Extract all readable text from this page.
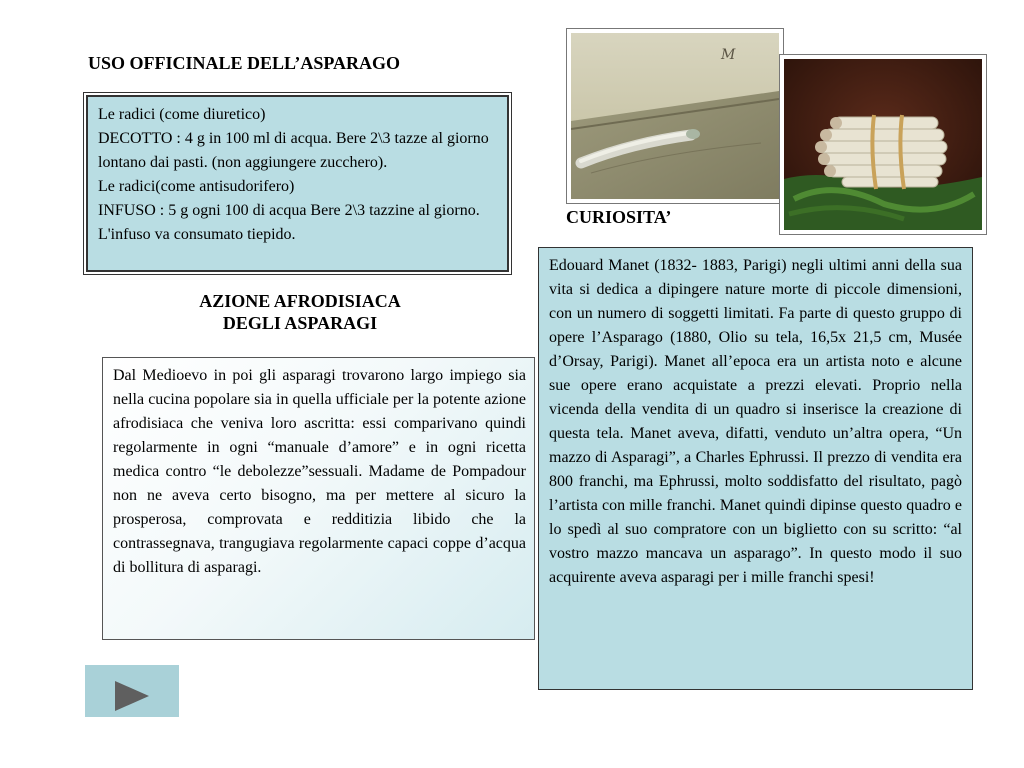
USO OFFICINALE DELL’ASPARAGO
Le radici (come diuretico)
DECOTTO : 4 g in 100 ml di acqua. Bere 2\3 tazze al giorno lontano dai pasti. (non aggiungere zucchero).
Le radici(come antisudorifero)
INFUSO : 5 g ogni 100 di acqua Bere 2\3 tazzine al giorno. L'infuso va consumato tiepido.
AZIONE AFRODISIACA
DEGLI ASPARAGI
Dal Medioevo in poi gli asparagi trovarono largo impiego sia nella cucina popolare sia in quella ufficiale per la potente azione afrodisiaca che veniva loro ascritta: essi comparivano quindi regolarmente in ogni “manuale d’amore” e in ogni ricetta medica contro “le debolezze”sessuali. Madame de Pompadour non ne aveva certo bisogno, ma per mettere al sicuro la prosperosa, comprovata e redditizia libido che la contrassegnava, trangugiava regolarmente capaci coppe d’acqua di bollitura di asparagi.
M
CURIOSITA’
Edouard Manet (1832- 1883, Parigi) negli ultimi anni della sua vita si dedica a dipingere nature morte di piccole dimensioni, con un numero di soggetti limitati. Fa parte di questo gruppo di opere l’Asparago (1880, Olio su tela, 16,5x 21,5 cm, Musée d’Orsay, Parigi). Manet all’epoca era un artista noto e alcune sue opere erano acquistate a prezzi elevati. Proprio nella vicenda della vendita di un quadro si inserisce la creazione di questa tela. Manet aveva, difatti, venduto un’altra opera, “Un mazzo di Asparagi”, a Charles Ephrussi. Il prezzo di vendita era 800 franchi, ma Ephrussi, molto soddisfatto del risultato, pagò l’artista con mille franchi. Manet quindi dipinse questo quadro e lo spedì al suo compratore con un biglietto con su scritto: “al vostro mazzo mancava un asparago”. In questo modo il suo acquirente aveva asparagi per i mille franchi spesi!
